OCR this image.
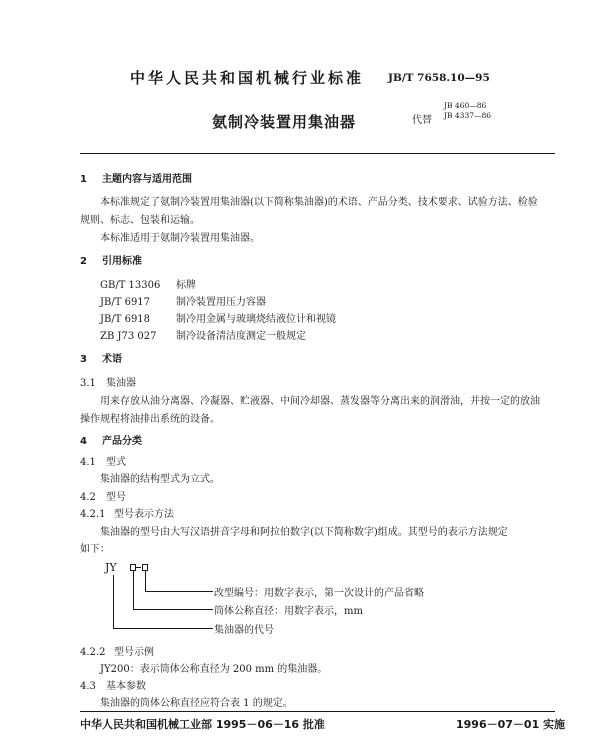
中华人民共和国机械行业标准 JB/T 7658.10—95
氨制冷装置用集油器	代替
JB 460—86
JB 4337—86
1 主题内容与适用范围
本标准规定了氨制冷装置用集油器(以下简称集油器)的术语、产品分类、技术要求、试验方法、检验
规则、标志、包装和运输。
本标准适用于氨制冷装置用集油器。
2 引用标准
GB/T 13306 标牌
JB/T 6917	制冷装置用压力容器
JB/T 6918	制冷用金属与玻璃烧结液位计和视镜
ZB J73 027 制冷设备清洁度测定一般规定
3 术语
3.1 集油器
用来存放从油分离器、冷凝器、贮液器、中间冷却器、蒸发器等分离出来的润滑油，并按一定的放油
操作规程将油排出系统的设备。
4 产品分类
4.1 型式
集油器的结构型式为立式。
4.2 型号
4.2.1 型号表示方法
集油器的型号由大写汉语拼音字母和阿拉伯数字(以下简称数字)组成。其型号的表示方法规定
如下：
JY
改型编号：用数字表示，第一次设计的产品省略
筒体公称直径：用数字表示，mm
集油器的代号
4.2.2 型号示例
JY200：表示筒体公称直径为 200 mm 的集油器。
4.3 基本参数
集油器的筒体公称直径应符合表 1 的规定。
中华人民共和国机械工业部 1995－06－16 批准	1996－07－01 实施
